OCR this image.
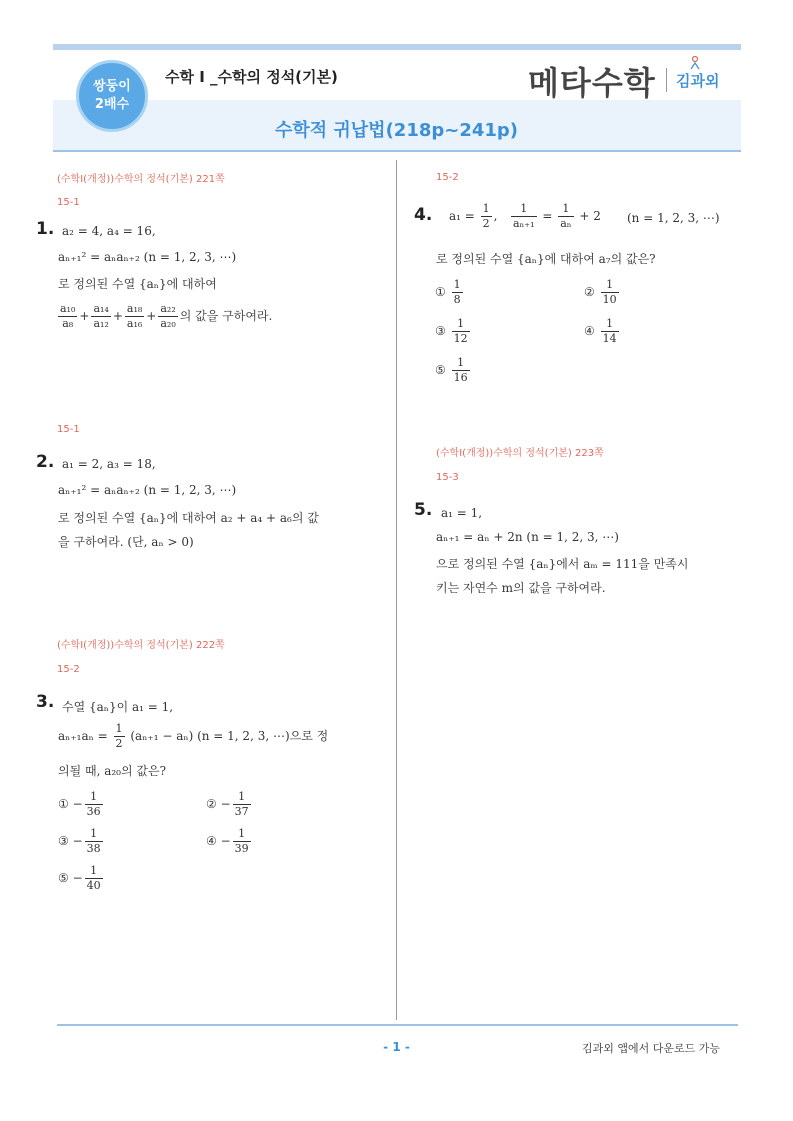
쌍둥이
2배수
수학 I _수학의 정석(기본)
수학적 귀납법(218p~241p)
메타수학 김과외
(수학I(개정))수학의 정석(기본) 221쪽
15-1
1. a₂ = 4, a₄ = 16,
aₙ₊₁² = aₙaₙ₊₂ (n = 1, 2, 3, ⋯)
로 정의된 수열 {aₙ}에 대하여
$\frac{\text{a₁₀}}{\text{a₈}} + \frac{\text{a₁₄}}{\text{a₁₂}} + \frac{\text{a₁₈}}{\text{a₁₆}} + \frac{\text{a₂₂}}{\text{a₂₀}}$ 의 값을 구하여라.
15-1
2. a₁ = 2, a₃ = 18,
aₙ₊₁² = aₙaₙ₊₂ (n = 1, 2, 3, ⋯)
로 정의된 수열 {aₙ}에 대하여 a₂ + a₄ + a₆의 값
을 구하여라. (단, aₙ > 0)
(수학I(개정))수학의 정석(기본) 222쪽
15-2
3. 수열 {aₙ}이 a₁ = 1,
$a_{n+1}a_n = \frac{1}{2} (a_{n+1} - a_n) (n = 1$, 2, 3, ⋯)으로 정
의될 때, a₂₀의 값은?
① − $\frac{1}{36}$	② − $\frac{1}{37}$
③ − $\frac{1}{38}$	④ − $\frac{1}{39}$
⑤ − $\frac{1}{40}$
15-2
4. $a_1 = \frac{1}{2}$ , $\frac{1}{\text{aₙ₊₁}} = \frac{1}{\text{aₙ}} + 2$ (n = 1, 2, 3, ⋯)
로 정의된 수열 {aₙ}에 대하여 a₇의 값은?
① $\frac{1}{8}$	② $\frac{1}{10}$
③ $\frac{1}{12}$	④ $\frac{1}{14}$
⑤ $\frac{1}{16}$
(수학I(개정))수학의 정석(기본) 223쪽
15-3
5. a₁ = 1,
aₙ₊₁ = aₙ + 2n (n = 1, 2, 3, ⋯)
으로 정의된 수열 {aₙ}에서 aₘ = 111을 만족시
키는 자연수 m의 값을 구하여라.
- 1 -	김과외 앱에서 다운로드 가능
